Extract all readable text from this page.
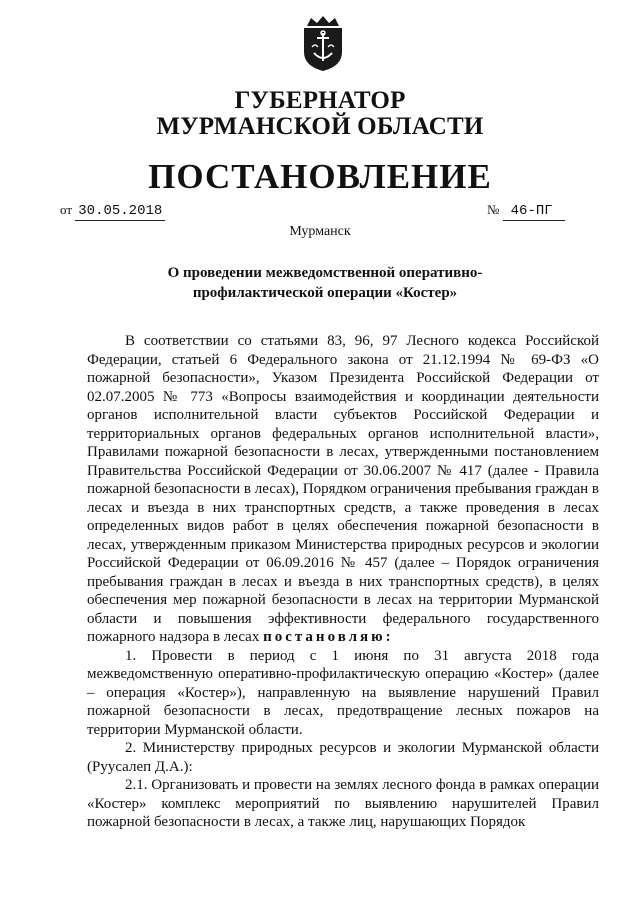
ГУБЕРНАТОР
МУРМАНСКОЙ ОБЛАСТИ
ПОСТАНОВЛЕНИЕ
от 30.05.2018	№ 46-ПГ
Мурманск
О проведении межведомственной оперативно-профилактической операции «Костер»

В соответствии со статьями 83, 96, 97 Лесного кодекса Российской Федерации, статьей 6 Федерального закона от 21.12.1994 № 69-ФЗ «О пожарной безопасности», Указом Президента Российской Федерации от 02.07.2005 № 773 «Вопросы взаимодействия и координации деятельности органов исполнительной власти субъектов Российской Федерации и территориальных органов федеральных органов исполнительной власти», Правилами пожарной безопасности в лесах, утвержденными постановлением Правительства Российской Федерации от 30.06.2007 № 417 (далее - Правила пожарной безопасности в лесах), Порядком ограничения пребывания граждан в лесах и въезда в них транспортных средств, а также проведения в лесах определенных видов работ в целях обеспечения пожарной безопасности в лесах, утвержденным приказом Министерства природных ресурсов и экологии Российской Федерации от 06.09.2016 № 457 (далее – Порядок ограничения пребывания граждан в лесах и въезда в них транспортных средств), в целях обеспечения мер пожарной безопасности в лесах на территории Мурманской области и повышения эффективности федерального государственного пожарного надзора в лесах постановляю:

1. Провести в период с 1 июня по 31 августа 2018 года межведомственную оперативно-профилактическую операцию «Костер» (далее – операция «Костер»), направленную на выявление нарушений Правил пожарной безопасности в лесах, предотвращение лесных пожаров на территории Мурманской области.

2. Министерству природных ресурсов и экологии Мурманской области (Руусалеп Д.А.):

2.1. Организовать и провести на землях лесного фонда в рамках операции «Костер» комплекс мероприятий по выявлению нарушителей Правил пожарной безопасности в лесах, а также лиц, нарушающих Порядок
